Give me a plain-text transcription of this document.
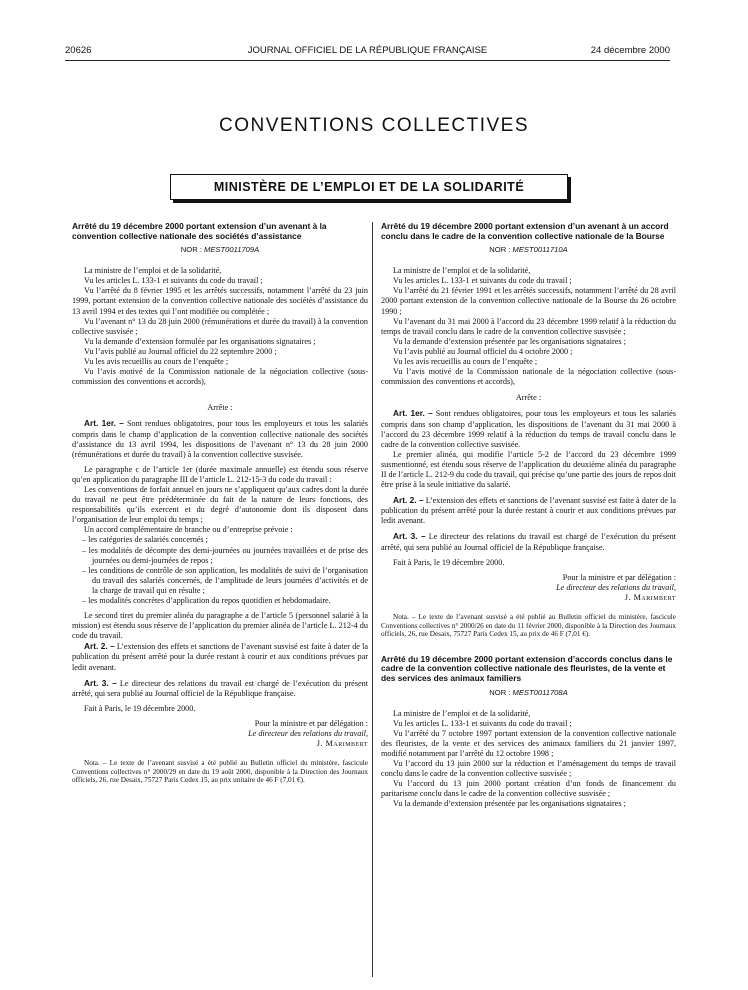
20626	JOURNAL OFFICIEL DE LA RÉPUBLIQUE FRANÇAISE	24 décembre 2000
CONVENTIONS COLLECTIVES
MINISTÈRE DE L’EMPLOI ET DE LA SOLIDARITÉ

Arrêté du 19 décembre 2000 portant extension d’un avenant à la convention collective nationale des sociétés d’assistance

NOR : MEST0011709A

La ministre de l’emploi et de la solidarité,

Vu les articles L. 133-1 et suivants du code du travail ;

Vu l’arrêté du 8 février 1995 et les arrêtés successifs, notamment l’arrêté du 23 juin 1999, portant extension de la convention collective nationale des sociétés d’assistance du 13 avril 1994 et des textes qui l’ont modifiée ou complétée ;

Vu l’avenant n° 13 du 28 juin 2000 (rémunérations et durée du travail) à la convention collective susvisée ;

Vu la demande d’extension formulée par les organisations signataires ;

Vu l’avis publié au Journal officiel du 22 septembre 2000 ;

Vu les avis recueillis au cours de l’enquête ;

Vu l’avis motivé de la Commission nationale de la négociation collective (sous-commission des conventions et accords),

Arrête :

Art. 1er. – Sont rendues obligatoires, pour tous les employeurs et tous les salariés compris dans le champ d’application de la convention collective nationale des sociétés d’assistance du 13 avril 1994, les dispositions de l’avenant n° 13 du 28 juin 2000 (rémunérations et durée du travail) à la convention collective susvisée.

Le paragraphe c de l’article 1er (durée maximale annuelle) est étendu sous réserve qu’en application du paragraphe III de l’article L. 212-15-3 du code du travail :

Les conventions de forfait annuel en jours ne s’appliquent qu’aux cadres dont la durée du travail ne peut être prédéterminée du fait de la nature de leurs fonctions, des responsabilités qu’ils exercent et du degré d’autonomie dont ils disposent dans l’organisation de leur emploi du temps ;

Un accord complémentaire de branche ou d’entreprise prévoie :

– les catégories de salariés concernés ;

– les modalités de décompte des demi-journées ou journées travaillées et de prise des journées ou demi-journées de repos ;

– les conditions de contrôle de son application, les modalités de suivi de l’organisation du travail des salariés concernés, de l’amplitude de leurs journées d’activités et de la charge de travail qui en résulte ;

– les modalités concrètes d’application du repos quotidien et hebdomadaire.

Le second tiret du premier alinéa du paragraphe a de l’article 5 (personnel salarié à la mission) est étendu sous réserve de l’application du premier alinéa de l’article L. 212-4 du code du travail.

Art. 2. – L’extension des effets et sanctions de l’avenant susvisé est faite à dater de la publication du présent arrêté pour la durée restant à courir et aux conditions prévues par ledit avenant.

Art. 3. – Le directeur des relations du travail est chargé de l’exécution du présent arrêté, qui sera publié au Journal officiel de la République française.

Fait à Paris, le 19 décembre 2000.

Pour la ministre et par délégation :

Le directeur des relations du travail,

J. Marimbert

Nota. – Le texte de l’avenant susvisé a été publié au Bulletin officiel du ministère, fascicule Conventions collectives n° 2000/29 en date du 19 août 2000, disponible à la Direction des Journaux officiels, 26, rue Desaix, 75727 Paris Cedex 15, au prix unitaire de 46 F (7,01 €).

Arrêté du 19 décembre 2000 portant extension d’un avenant à un accord conclu dans le cadre de la convention collective nationale de la Bourse

NOR : MEST0011710A

La ministre de l’emploi et de la solidarité,

Vu les articles L. 133-1 et suivants du code du travail ;

Vu l’arrêté du 21 février 1991 et les arrêtés successifs, notamment l’arrêté du 28 avril 2000 portant extension de la convention collective nationale de la Bourse du 26 octobre 1990 ;

Vu l’avenant du 31 mai 2000 à l’accord du 23 décembre 1999 relatif à la réduction du temps de travail conclu dans le cadre de la convention collective susvisée ;

Vu la demande d’extension présentée par les organisations signataires ;

Vu l’avis publié au Journal officiel du 4 octobre 2000 ;

Vu les avis recueillis au cours de l’enquête ;

Vu l’avis motivé de la Commission nationale de la négociation collective (sous-commission des conventions et accords),

Arrête :

Art. 1er. – Sont rendues obligatoires, pour tous les employeurs et tous les salariés compris dans son champ d’application, les dispositions de l’avenant du 31 mai 2000 à l’accord du 23 décembre 1999 relatif à la réduction du temps de travail conclu dans le cadre de la convention collective susvisée.

Le premier alinéa, qui modifie l’article 5-2 de l’accord du 23 décembre 1999 susmentionné, est étendu sous réserve de l’application du deuxième alinéa du paragraphe II de l’article L. 212-9 du code du travail, qui précise qu’une partie des jours de repos doit être prise à la seule initiative du salarié.

Art. 2. – L’extension des effets et sanctions de l’avenant susvisé est faite à dater de la publication du présent arrêté pour la durée restant à courir et aux conditions prévues par ledit avenant.

Art. 3. – Le directeur des relations du travail est chargé de l’exécution du présent arrêté, qui sera publié au Journal officiel de la République française.

Fait à Paris, le 19 décembre 2000.

Pour la ministre et par délégation :

Le directeur des relations du travail,

J. Marimbert

Nota. – Le texte de l’avenant susvisé a été publié au Bulletin officiel du ministère, fascicule Conventions collectives n° 2000/26 en date du 11 février 2000, disponible à la Direction des Journaux officiels, 26, rue Desaix, 75727 Paris Cedex 15, au prix de 46 F (7,01 €).

Arrêté du 19 décembre 2000 portant extension d’accords conclus dans le cadre de la convention collective nationale des fleuristes, de la vente et des services des animaux familiers

NOR : MEST0011708A

La ministre de l’emploi et de la solidarité,

Vu les articles L. 133-1 et suivants du code du travail ;

Vu l’arrêté du 7 octobre 1997 portant extension de la convention collective nationale des fleuristes, de la vente et des services des animaux familiers du 21 janvier 1997, modifié notamment par l’arrêté du 12 octobre 1998 ;

Vu l’accord du 13 juin 2000 sur la réduction et l’aménagement du temps de travail conclu dans le cadre de la convention collective susvisée ;

Vu l’accord du 13 juin 2000 portant création d’un fonds de financement du paritarisme conclu dans le cadre de la convention collective susvisée ;

Vu la demande d’extension présentée par les organisations signataires ;
